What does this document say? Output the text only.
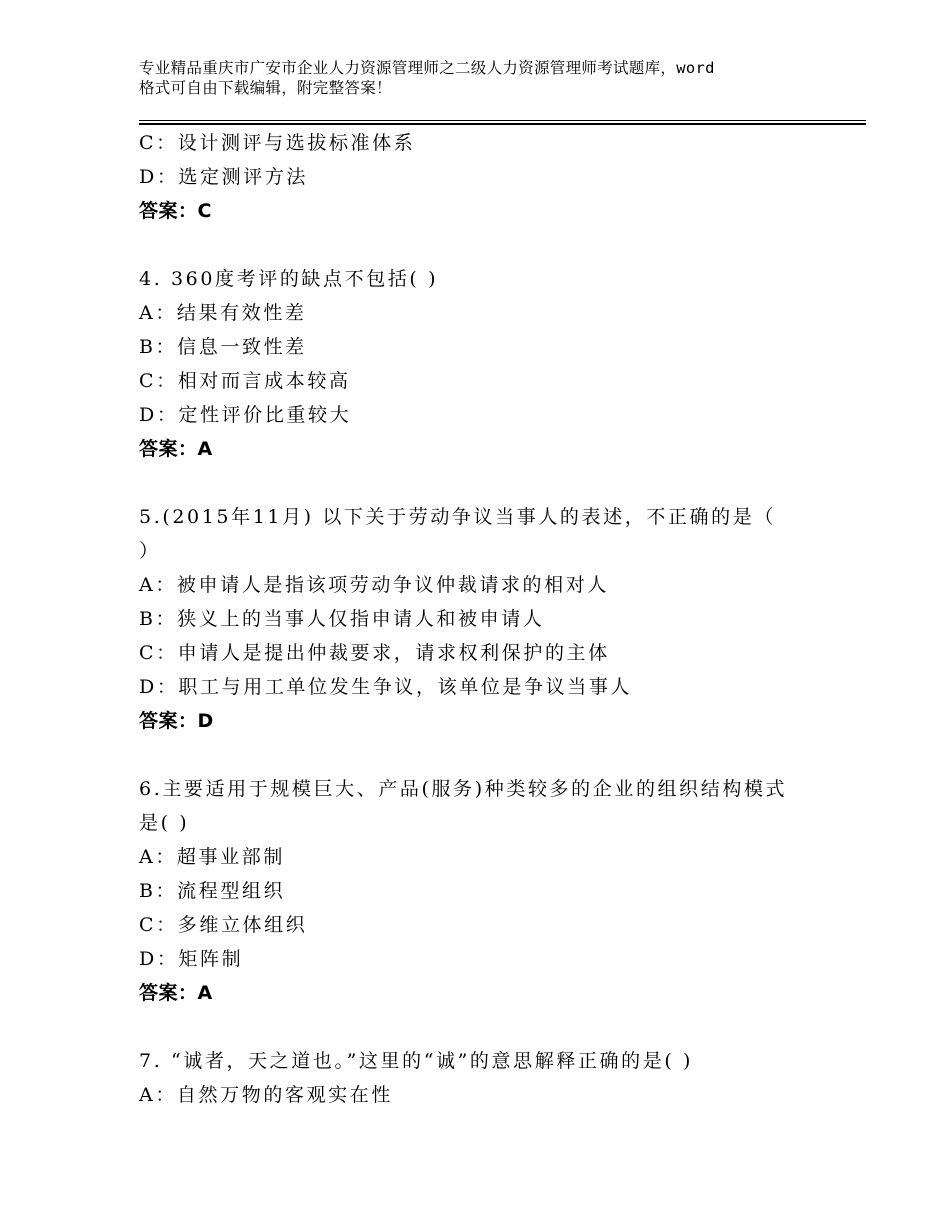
专业精品重庆市广安市企业人力资源管理师之二级人力资源管理师考试题库，word
格式可自由下载编辑，附完整答案！
C：设计测评与选拔标准体系
D：选定测评方法
答案：C
4. 360度考评的缺点不包括( )
A：结果有效性差
B：信息一致性差
C：相对而言成本较高
D：定性评价比重较大
答案：A
5.(2015年11月) 以下关于劳动争议当事人的表述，不正确的是（
）
A：被申请人是指该项劳动争议仲裁请求的相对人
B：狭义上的当事人仅指申请人和被申请人
C：申请人是提出仲裁要求，请求权利保护的主体
D：职工与用工单位发生争议，该单位是争议当事人
答案：D
6.主要适用于规模巨大、产品(服务)种类较多的企业的组织结构模式
是( )
A：超事业部制
B：流程型组织
C：多维立体组织
D：矩阵制
答案：A
7. “诚者，天之道也。”这里的“诚”的意思解释正确的是( )
A：自然万物的客观实在性
